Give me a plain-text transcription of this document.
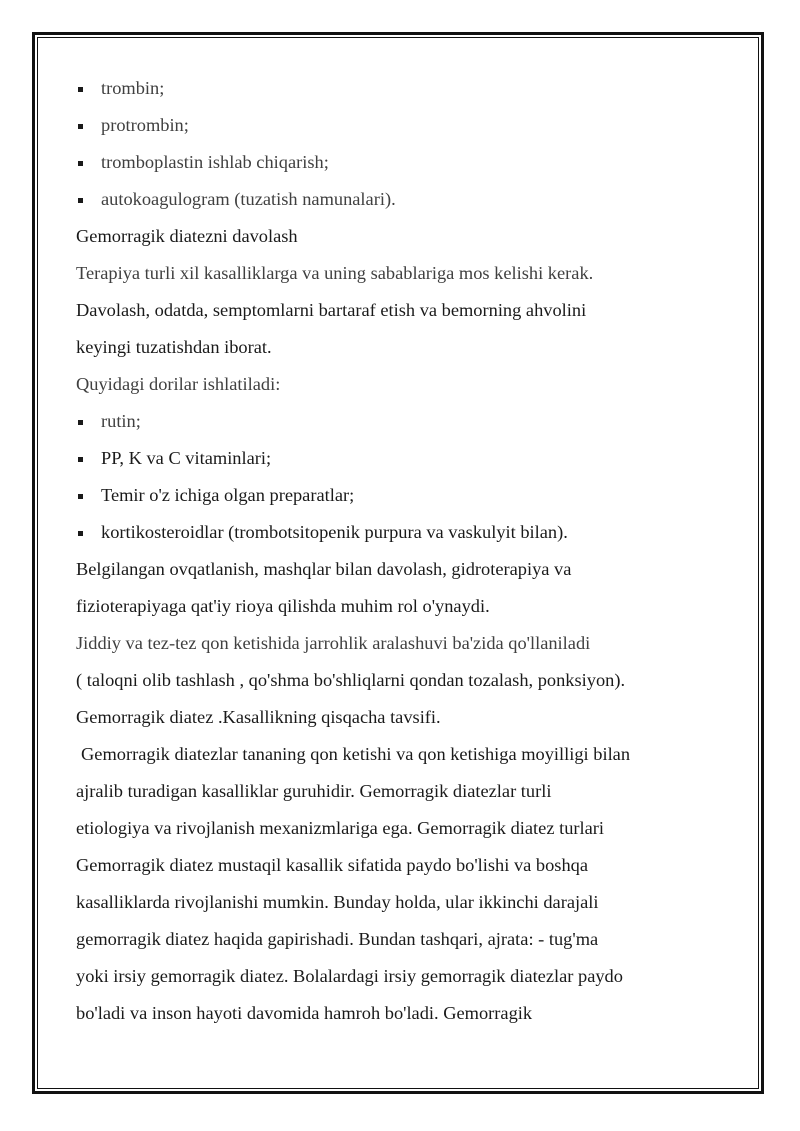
trombin;
protrombin;
tromboplastin ishlab chiqarish;
autokoagulogram (tuzatish namunalari).
Gemorragik diatezni davolash
Terapiya turli xil kasalliklarga va uning sabablariga mos kelishi kerak.
Davolash, odatda, semptomlarni bartaraf etish va bemorning ahvolini
keyingi tuzatishdan iborat.
Quyidagi dorilar ishlatiladi:
rutin;
PP, K va C vitaminlari;
Temir o'z ichiga olgan preparatlar;
kortikosteroidlar (trombotsitopenik purpura va vaskulyit bilan).
Belgilangan ovqatlanish, mashqlar bilan davolash, gidroterapiya va
fizioterapiyaga qat'iy rioya qilishda muhim rol o'ynaydi.
Jiddiy va tez-tez qon ketishida jarrohlik aralashuvi ba'zida qo'llaniladi
( taloqni olib tashlash , qo'shma bo'shliqlarni qondan tozalash, ponksiyon).
Gemorragik diatez .Kasallikning qisqacha tavsifi.
Gemorragik diatezlar tananing qon ketishi va qon ketishiga moyilligi bilan
ajralib turadigan kasalliklar guruhidir. Gemorragik diatezlar turli
etiologiya va rivojlanish mexanizmlariga ega. Gemorragik diatez turlari
Gemorragik diatez mustaqil kasallik sifatida paydo bo'lishi va boshqa
kasalliklarda rivojlanishi mumkin. Bunday holda, ular ikkinchi darajali
gemorragik diatez haqida gapirishadi. Bundan tashqari, ajrata: - tug'ma
yoki irsiy gemorragik diatez. Bolalardagi irsiy gemorragik diatezlar paydo
bo'ladi va inson hayoti davomida hamroh bo'ladi. Gemorragik
